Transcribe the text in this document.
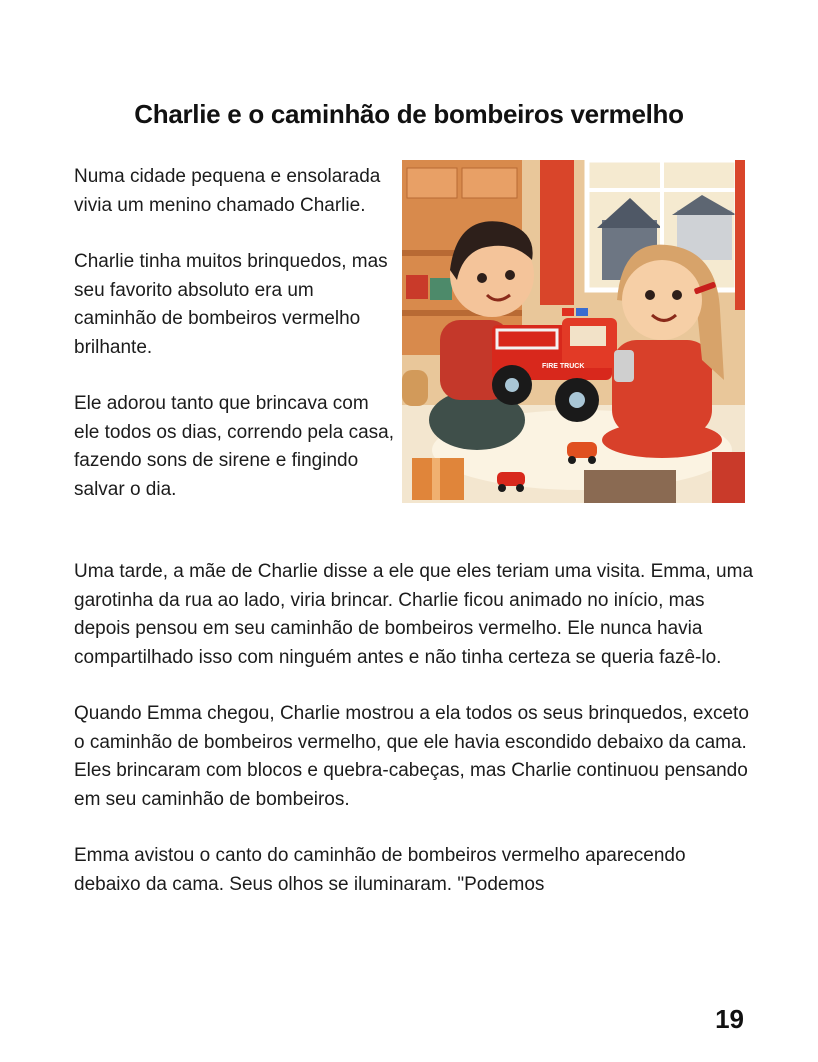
Charlie e o caminhão de bombeiros vermelho

Numa cidade pequena e ensolarada vivia um menino chamado Charlie.

Charlie tinha muitos brinquedos, mas seu favorito absoluto era um caminhão de bombeiros vermelho brilhante.

Ele adorou tanto que brincava com ele todos os dias, correndo pela casa, fazendo sons de sirene e fingindo salvar o dia.

FIRE TRUCK

Uma tarde, a mãe de Charlie disse a ele que eles teriam uma visita. Emma, uma garotinha da rua ao lado, viria brincar. Charlie ficou animado no início, mas depois pensou em seu caminhão de bombeiros vermelho. Ele nunca havia compartilhado isso com ninguém antes e não tinha certeza se queria fazê-lo.

Quando Emma chegou, Charlie mostrou a ela todos os seus brinquedos, exceto o caminhão de bombeiros vermelho, que ele havia escondido debaixo da cama. Eles brincaram com blocos e quebra-cabeças, mas Charlie continuou pensando em seu caminhão de bombeiros.

Emma avistou o canto do caminhão de bombeiros vermelho aparecendo debaixo da cama. Seus olhos se iluminaram. "Podemos

19
